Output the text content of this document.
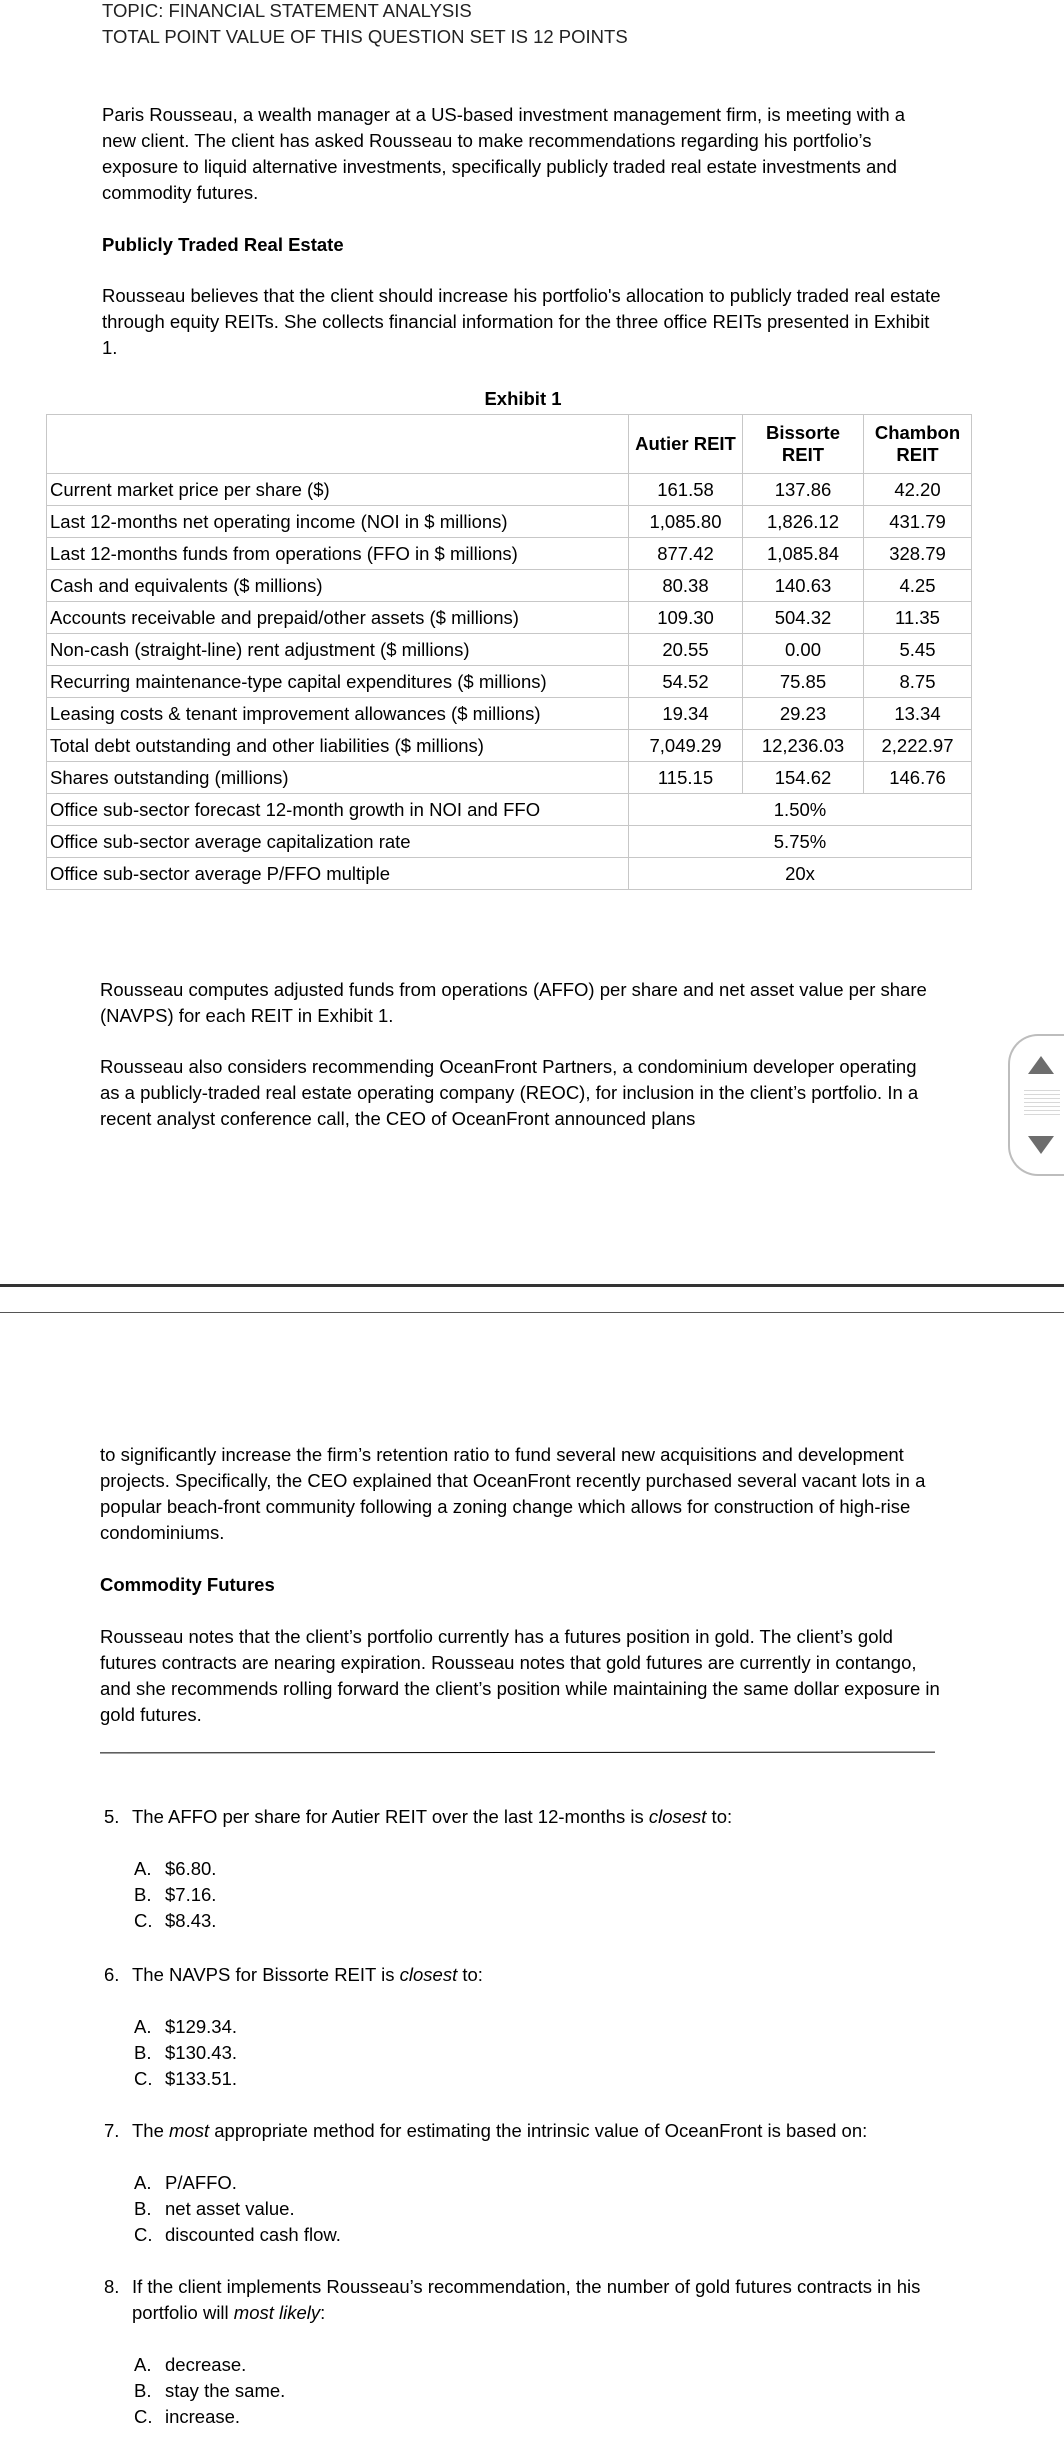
TOPIC: FINANCIAL STATEMENT ANALYSIS
TOTAL POINT VALUE OF THIS QUESTION SET IS 12 POINTS
Paris Rousseau, a wealth manager at a US-based investment management firm, is meeting with a new client. The client has asked Rousseau to make recommendations regarding his portfolio’s exposure to liquid alternative investments, specifically publicly traded real estate investments and commodity futures.
Publicly Traded Real Estate
Rousseau believes that the client should increase his portfolio's allocation to publicly traded real estate through equity REITs. She collects financial information for the three office REITs presented in Exhibit 1.
Exhibit 1
	Autier REIT	Bissorte REIT	Chambon REIT
Current market price per share ($)	161.58	137.86	42.20
Last 12-months net operating income (NOI in $ millions)	1,085.80	1,826.12	431.79
Last 12-months funds from operations (FFO in $ millions)	877.42	1,085.84	328.79
Cash and equivalents ($ millions)	80.38	140.63	4.25
Accounts receivable and prepaid/other assets ($ millions)	109.30	504.32	11.35
Non-cash (straight-line) rent adjustment ($ millions)	20.55	0.00	5.45
Recurring maintenance-type capital expenditures ($ millions)	54.52	75.85	8.75
Leasing costs & tenant improvement allowances ($ millions)	19.34	29.23	13.34
Total debt outstanding and other liabilities ($ millions)	7,049.29	12,236.03	2,222.97
Shares outstanding (millions)	115.15	154.62	146.76
Office sub-sector forecast 12-month growth in NOI and FFO	1.50%		
Office sub-sector average capitalization rate	5.75%		
Office sub-sector average P/FFO multiple	20x		
Rousseau computes adjusted funds from operations (AFFO) per share and net asset value per share (NAVPS) for each REIT in Exhibit 1.
Rousseau also considers recommending OceanFront Partners, a condominium developer operating as a publicly-traded real estate operating company (REOC), for inclusion in the client’s portfolio. In a recent analyst conference call, the CEO of OceanFront announced plans
to significantly increase the firm’s retention ratio to fund several new acquisitions and development projects. Specifically, the CEO explained that OceanFront recently purchased several vacant lots in a popular beach-front community following a zoning change which allows for construction of high-rise condominiums.
Commodity Futures
Rousseau notes that the client’s portfolio currently has a futures position in gold. The client’s gold futures contracts are nearing expiration. Rousseau notes that gold futures are currently in contango, and she recommends rolling forward the client’s position while maintaining the same dollar exposure in gold futures.
5. The AFFO per share for Autier REIT over the last 12-months is closest to:
A. $6.80.
B. $7.16.
C. $8.43.
6. The NAVPS for Bissorte REIT is closest to:
A. $129.34.
B. $130.43.
C. $133.51.
7. The most appropriate method for estimating the intrinsic value of OceanFront is based on:
A. P/AFFO.
B. net asset value.
C. discounted cash flow.
8. If the client implements Rousseau’s recommendation, the number of gold futures contracts in his portfolio will most likely:
A. decrease.
B. stay the same.
C. increase.
